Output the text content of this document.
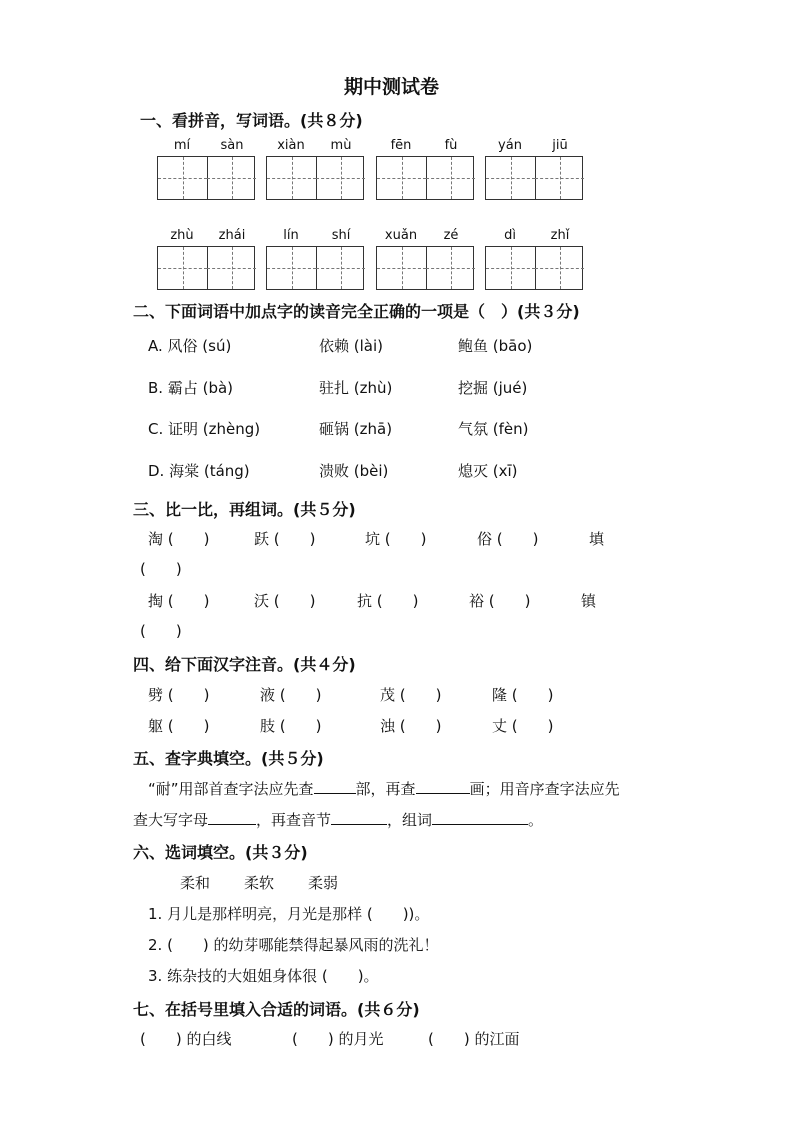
期中测试卷
一、看拼音，写词语。(共８分)
mí	sàn	xiàn	mù	fēn	fù	yán	jiū
zhù	zhái	lín	shí	xuǎn	zé	dì	zhǐ
二、下面词语中加点字的读音完全正确的一项是（　）(共３分)
A. 风俗 (sú)	依赖 (lài)	鲍鱼 (bāo)
B. 霸占 (bà)	驻扎 (zhù)	挖掘 (jué)
C. 证明 (zhèng)	砸锅 (zhā)	气氛 (fèn)
D. 海棠 (táng)	溃败 (bèi)	熄灭 (xī)
三、比一比，再组词。(共５分)
淘 (　　)	跃 (　　)	坑 (　　)	俗 (　　)	填
(　　)
掏 (　　)	沃 (　　)	抗 (　　)	裕 (　　)	镇
(　　)
四、给下面汉字注音。(共４分)
劈 (　　)	液 (　　)	茂 (　　)	隆 (　　)
躯 (　　)	肢 (　　)	浊 (　　)	丈 (　　)
五、查字典填空。(共５分)
“耐”用部首查字法应先查	部，再查	画；用音序查字法应先
查大写字母	，再查音节	，组词	。
六、选词填空。(共３分)
柔和 柔软 柔弱
1. 月儿是那样明亮，月光是那样 (　　))。
2. (　　) 的幼芽哪能禁得起暴风雨的洗礼！
3. 练杂技的大姐姐身体很 (　　)。
七、在括号里填入合适的词语。(共６分)
(　　) 的白线	(　　) 的月光	(　　) 的江面
